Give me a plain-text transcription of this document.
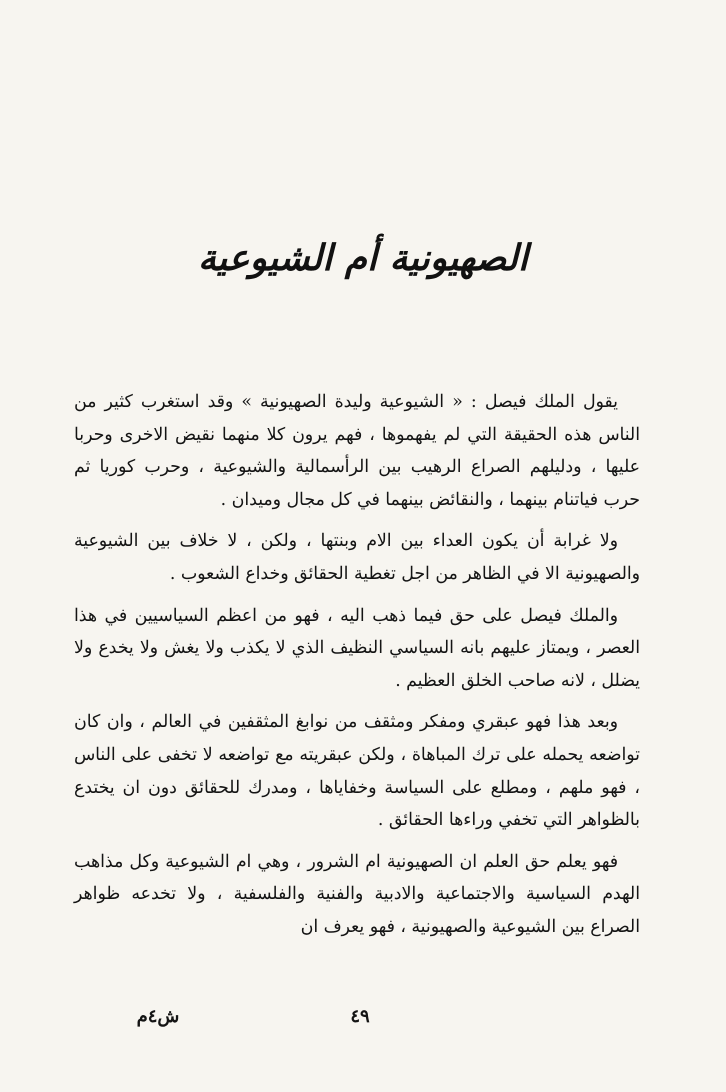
الصهيونية أم الشيوعية

يقول الملك فيصل : « الشيوعية وليدة الصهيونية » وقد استغرب كثير من الناس هذه الحقيقة التي لم يفهموها ، فهم يرون كلا منهما نقيض الاخرى وحربا عليها ، ودليلهم الصراع الرهيب بين الرأسمالية والشيوعية ، وحرب كوريا ثم حرب فياتنام بينهما ، والنقائض بينهما في كل مجال وميدان .

ولا غرابة أن يكون العداء بين الام وبنتها ، ولكن ، لا خلاف بين الشيوعية والصهيونية الا في الظاهر من اجل تغطية الحقائق وخداع الشعوب .

والملك فيصل على حق فيما ذهب اليه ، فهو من اعظم السياسيين في هذا العصر ، ويمتاز عليهم بانه السياسي النظيف الذي لا يكذب ولا يغش ولا يخدع ولا يضلل ، لانه صاحب الخلق العظيم .

وبعد هذا فهو عبقري ومفكر ومثقف من نوابغ المثقفين في العالم ، وان كان تواضعه يحمله على ترك المباهاة ، ولكن عبقريته مع تواضعه لا تخفى على الناس ، فهو ملهم ، ومطلع على السياسة وخفاياها ، ومدرك للحقائق دون ان يختدع بالظواهر التي تخفي وراءها الحقائق .

فهو يعلم حق العلم ان الصهيونية ام الشرور ، وهي ام الشيوعية وكل مذاهب الهدم السياسية والاجتماعية والادبية والفنية والفلسفية ، ولا تخدعه ظواهر الصراع بين الشيوعية والصهيونية ، فهو يعرف ان

٤٩
ش٤م
